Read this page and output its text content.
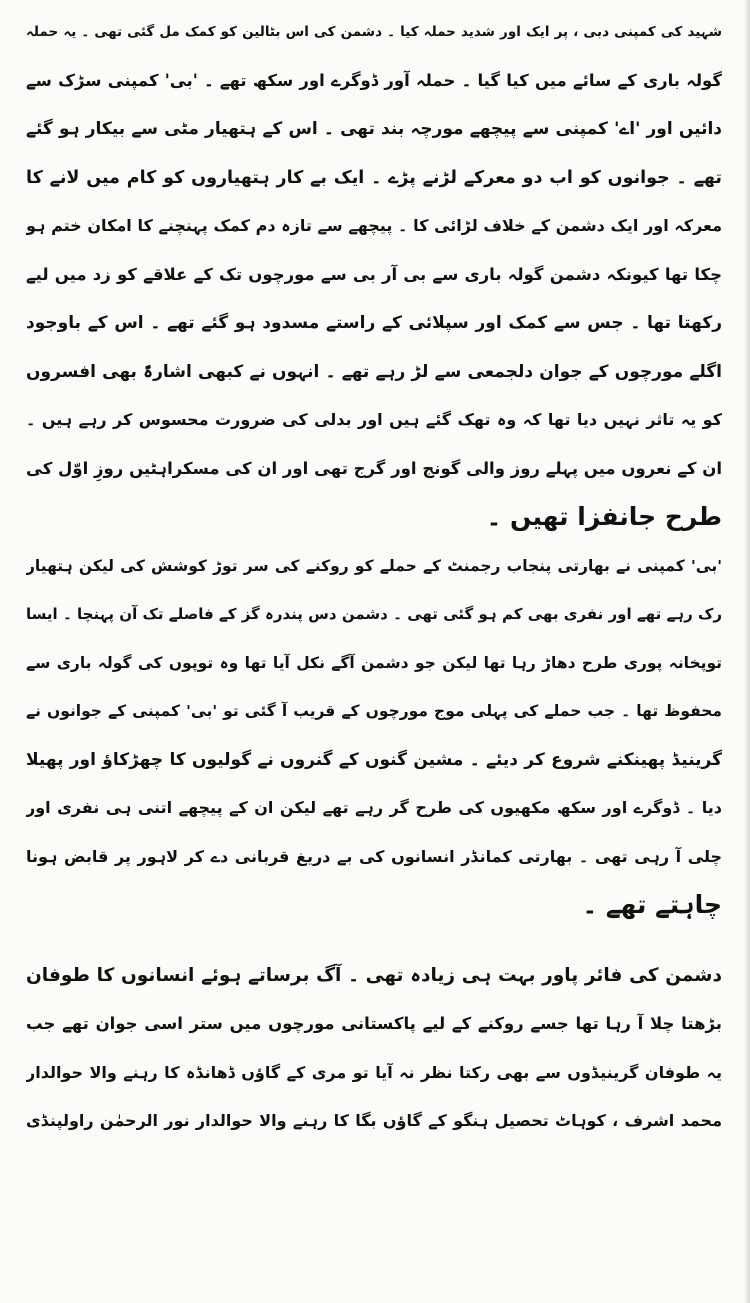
شہید کی کمپنی دبی ، پر ایک اور شدید حملہ کیا ۔ دشمن کی اس بٹالین کو کمک مل گئی تھی ۔ یہ حملہ
گولہ باری کے سائے میں کیا گیا ۔ حملہ آور ڈوگرے اور سکھ تھے ۔ 'بی' کمپنی سڑک سے
دائیں اور 'اے' کمپنی سے پیچھے مورچہ بند تھی ۔ اس کے ہتھیار مٹی سے بیکار ہو گئے
تھے ۔ جوانوں کو اب دو معرکے لڑنے پڑے ۔ ایک بے کار ہتھیاروں کو کام میں لانے کا
معرکہ اور ایک دشمن کے خلاف لڑائی کا ۔ پیچھے سے تازہ دم کمک پہنچنے کا امکان ختم ہو
چکا تھا کیونکہ دشمن گولہ باری سے بی آر بی سے مورچوں تک کے علاقے کو زد میں لیے
رکھتا تھا ۔ جس سے کمک اور سپلائی کے راستے مسدود ہو گئے تھے ۔ اس کے باوجود
اگلے مورچوں کے جوان دلجمعی سے لڑ رہے تھے ۔ انہوں نے کبھی اشارۃً بھی افسروں
کو یہ تاثر نہیں دیا تھا کہ وہ تھک گئے ہیں اور بدلی کی ضرورت محسوس کر رہے ہیں ۔
ان کے نعروں میں پہلے روز والی گونج اور گرج تھی اور ان کی مسکراہٹیں روزِ اوّل کی
طرح جانفزا تھیں ۔
'بی' کمپنی نے بھارتی پنجاب رجمنٹ کے حملے کو روکنے کی سر توڑ کوشش کی لیکن ہتھیار
رک رہے تھے اور نفری بھی کم ہو گئی تھی ۔ دشمن دس پندرہ گز کے فاصلے تک آن پہنچا ۔ ایسا
توپخانہ پوری طرح دھاڑ رہا تھا لیکن جو دشمن آگے نکل آیا تھا وہ توپوں کی گولہ باری سے
محفوظ تھا ۔ جب حملے کی پہلی موج مورچوں کے قریب آ گئی تو 'بی' کمپنی کے جوانوں نے
گرینیڈ پھینکنے شروع کر دیئے ۔ مشین گنوں کے گنروں نے گولیوں کا چھڑکاؤ اور پھیلا
دیا ۔ ڈوگرے اور سکھ مکھیوں کی طرح گر رہے تھے لیکن ان کے پیچھے اتنی ہی نفری اور
چلی آ رہی تھی ۔ بھارتی کمانڈر انسانوں کی بے دریغ قربانی دے کر لاہور پر قابض ہونا
چاہتے تھے ۔
دشمن کی فائر پاور بہت ہی زیادہ تھی ۔ آگ برساتے ہوئے انسانوں کا طوفان
بڑھتا چلا آ رہا تھا جسے روکنے کے لیے پاکستانی مورچوں میں ستر اسی جوان تھے جب
یہ طوفان گرینیڈوں سے بھی رکتا نظر نہ آیا تو مری کے گاؤں ڈھانڈہ کا رہنے والا حوالدار
محمد اشرف ، کوہاٹ تحصیل ہنگو کے گاؤں بگا کا رہنے والا حوالدار نور الرحمٰن راولپنڈی
